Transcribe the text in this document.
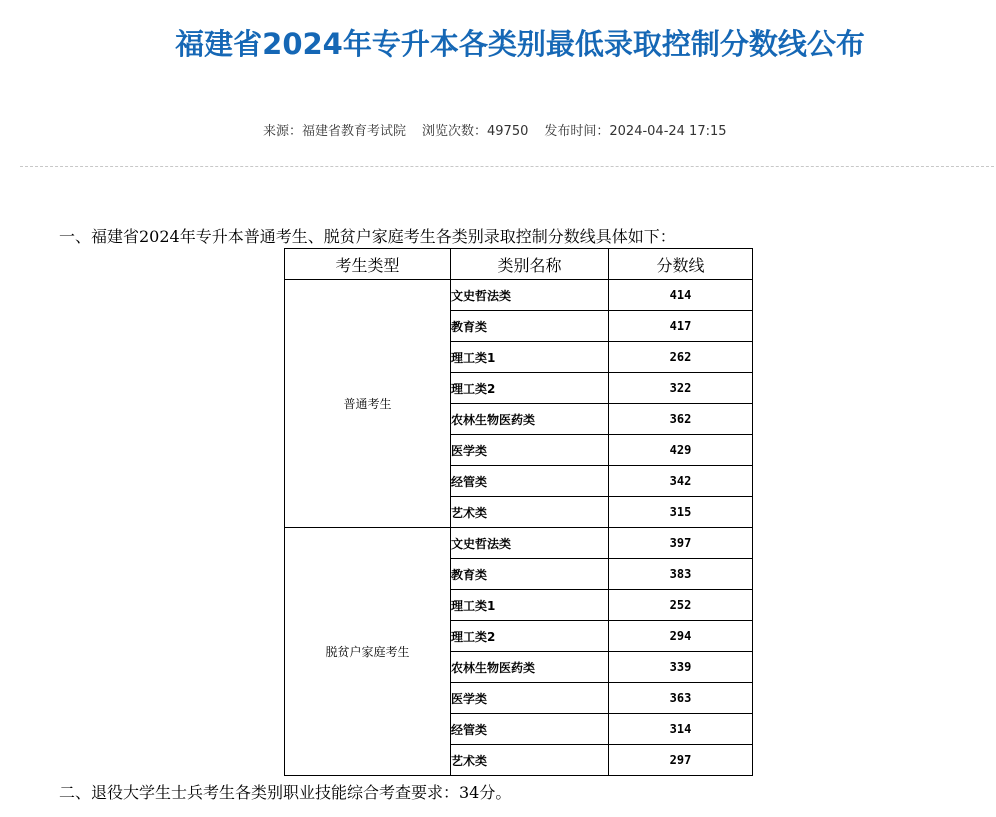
福建省2024年专升本各类别最低录取控制分数线公布
来源：福建省教育考试院 浏览次数：49750 发布时间：2024-04-24 17:15
一、福建省2024年专升本普通考生、脱贫户家庭考生各类别录取控制分数线具体如下：
考生类型	类别名称	分数线
普通考生	文史哲法类	414
	教育类	417
	理工类1	262
	理工类2	322
	农林生物医药类	362
	医学类	429
	经管类	342
	艺术类	315
脱贫户家庭考生	文史哲法类	397
	教育类	383
	理工类1	252
	理工类2	294
	农林生物医药类	339
	医学类	363
	经管类	314
	艺术类	297
二、退役大学生士兵考生各类别职业技能综合考查要求：34分。
